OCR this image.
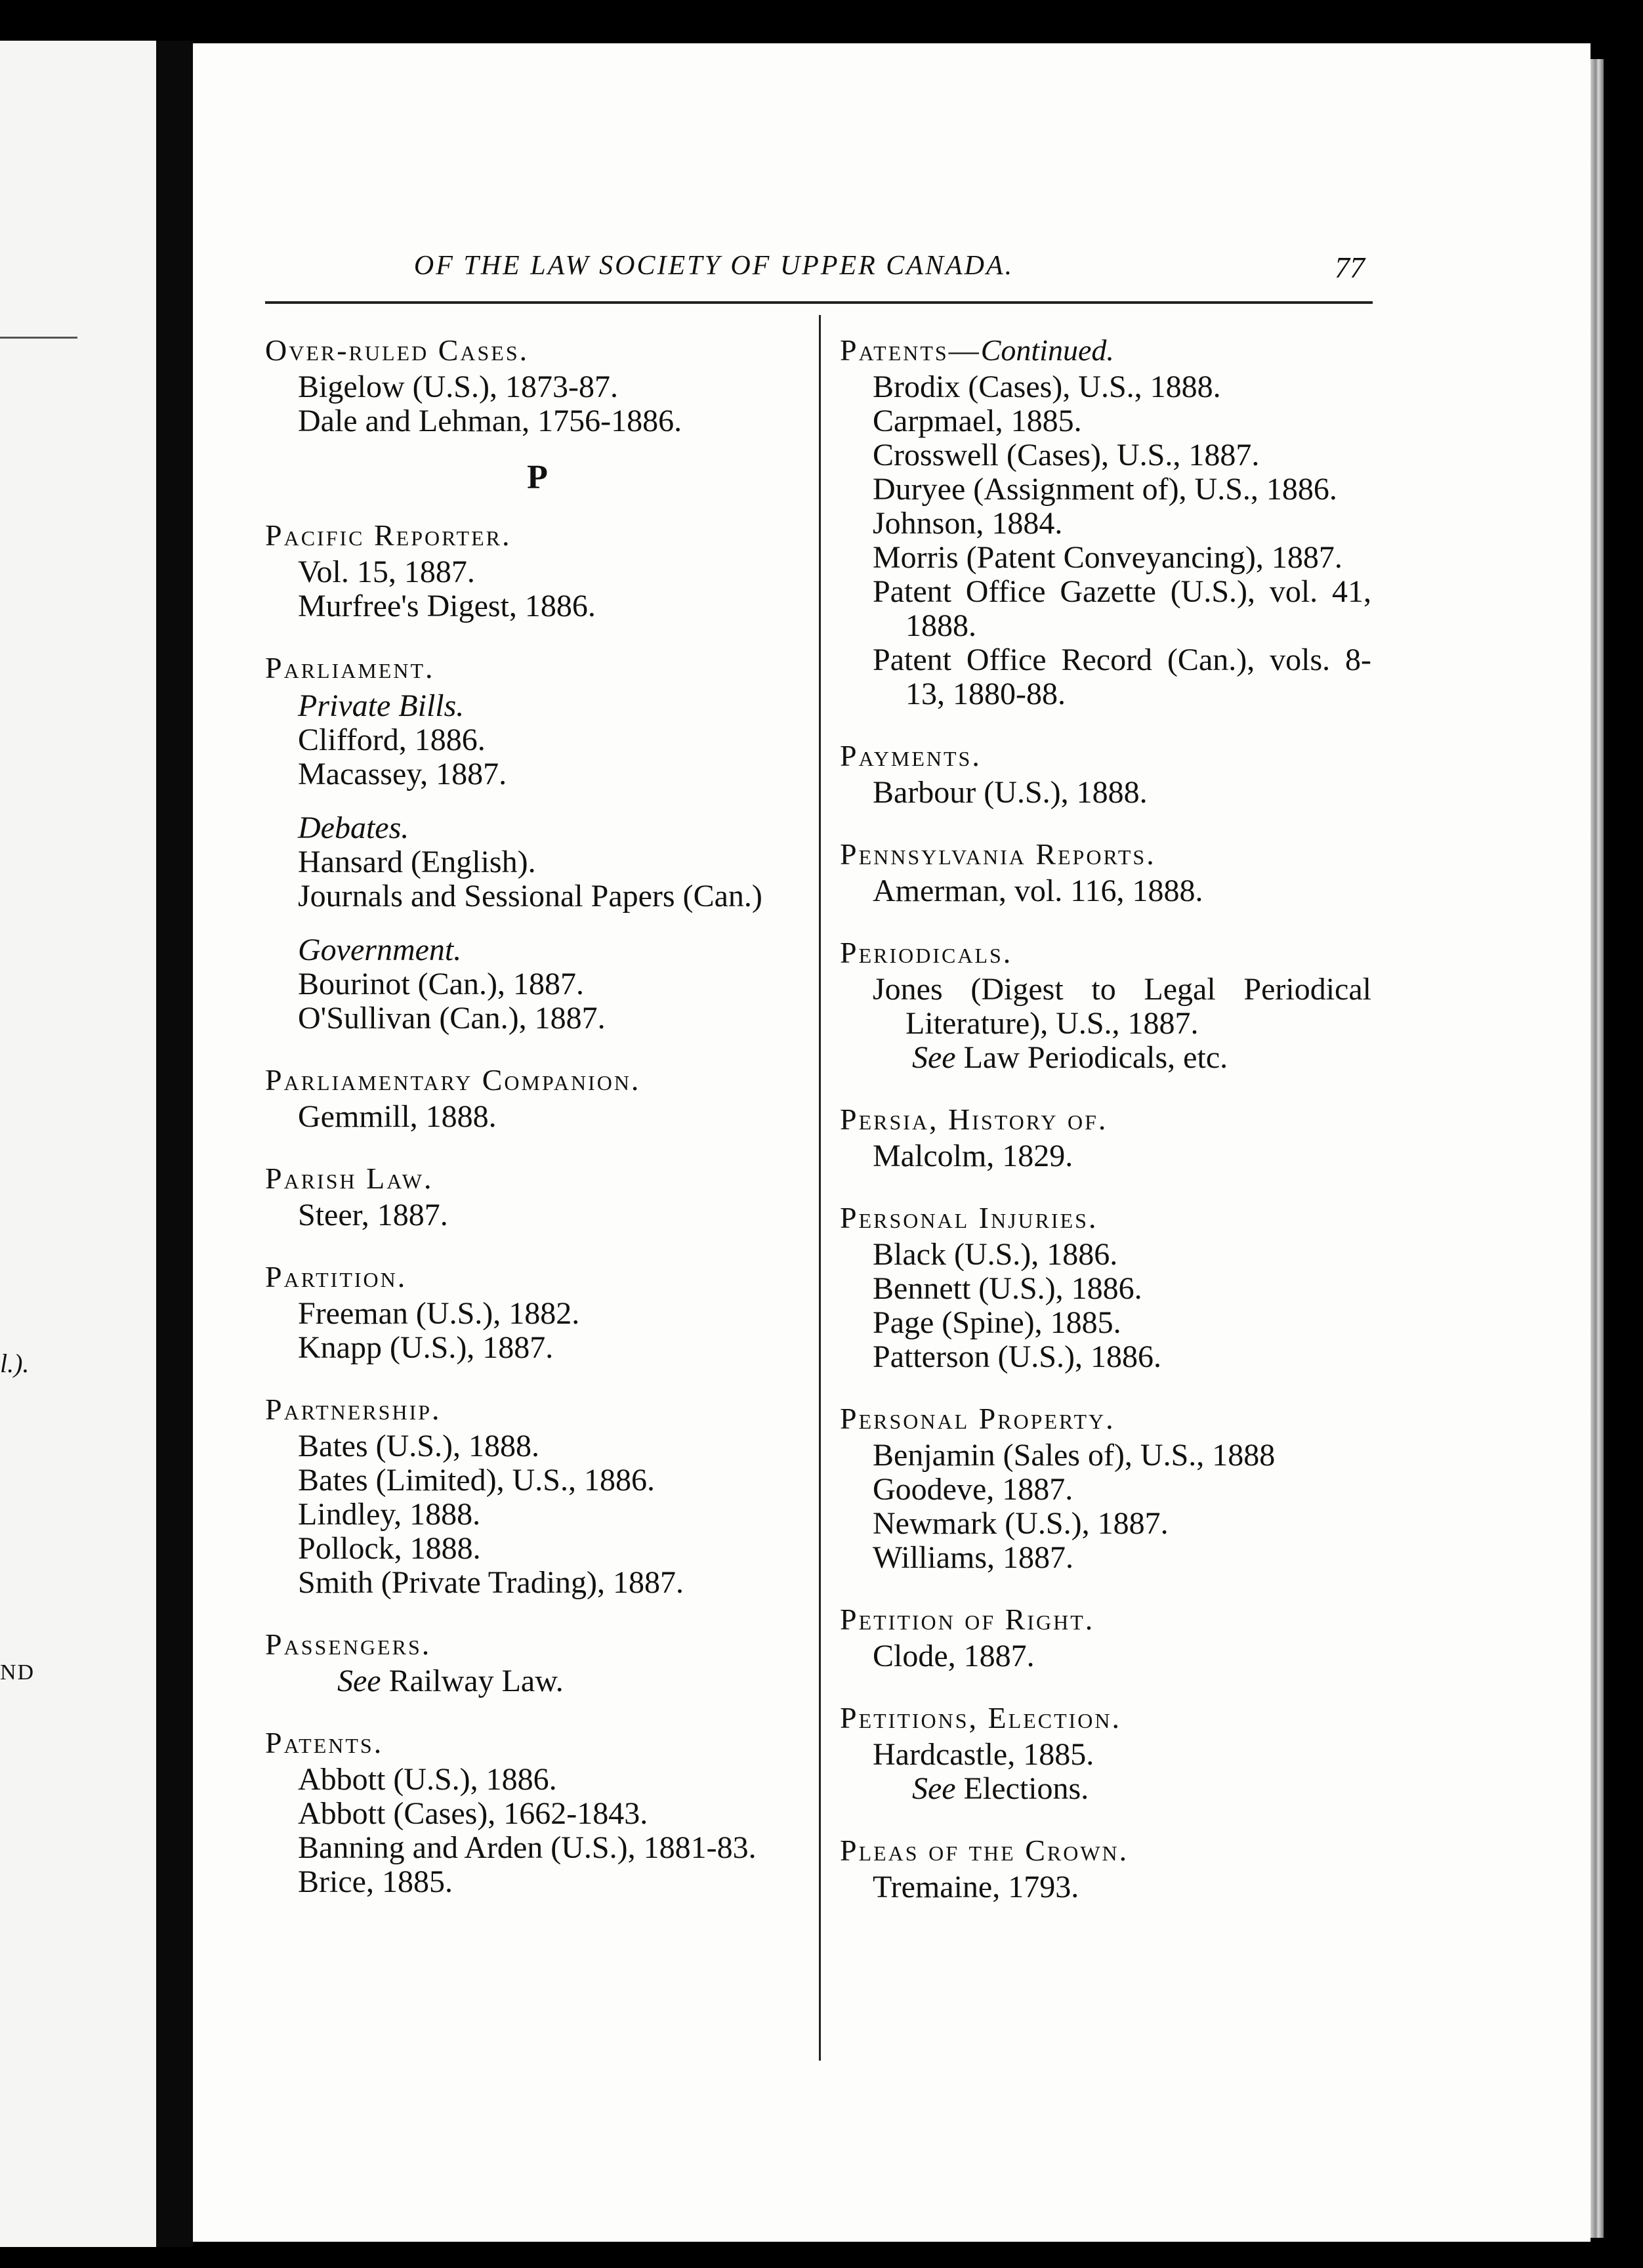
l.).
ND
OF THE LAW SOCIETY OF UPPER CANADA.	77
Over-ruled Cases.
Bigelow (U.S.), 1873-87.
Dale and Lehman, 1756-1886.
P
Pacific Reporter.
Vol. 15, 1887.
Murfree's Digest, 1886.
Parliament.
Private Bills.
Clifford, 1886.
Macassey, 1887.
Debates.
Hansard (English).
Journals and Sessional Papers (Can.)
Government.
Bourinot (Can.), 1887.
O'Sullivan (Can.), 1887.
Parliamentary Companion.
Gemmill, 1888.
Parish Law.
Steer, 1887.
Partition.
Freeman (U.S.), 1882.
Knapp (U.S.), 1887.
Partnership.
Bates (U.S.), 1888.
Bates (Limited), U.S., 1886.
Lindley, 1888.
Pollock, 1888.
Smith (Private Trading), 1887.
Passengers.
See Railway Law.
Patents.
Abbott (U.S.), 1886.
Abbott (Cases), 1662-1843.
Banning and Arden (U.S.), 1881-83.
Brice, 1885.
Patents—Continued.
Brodix (Cases), U.S., 1888.
Carpmael, 1885.
Crosswell (Cases), U.S., 1887.
Duryee (Assignment of), U.S., 1886.
Johnson, 1884.
Morris (Patent Conveyancing), 1887.
Patent Office Gazette (U.S.), vol. 41, 1888.
Patent Office Record (Can.), vols. 8-13, 1880-88.
Payments.
Barbour (U.S.), 1888.
Pennsylvania Reports.
Amerman, vol. 116, 1888.
Periodicals.
Jones (Digest to Legal Periodical Literature), U.S., 1887.
See Law Periodicals, etc.
Persia, History of.
Malcolm, 1829.
Personal Injuries.
Black (U.S.), 1886.
Bennett (U.S.), 1886.
Page (Spine), 1885.
Patterson (U.S.), 1886.
Personal Property.
Benjamin (Sales of), U.S., 1888
Goodeve, 1887.
Newmark (U.S.), 1887.
Williams, 1887.
Petition of Right.
Clode, 1887.
Petitions, Election.
Hardcastle, 1885.
See Elections.
Pleas of the Crown.
Tremaine, 1793.
